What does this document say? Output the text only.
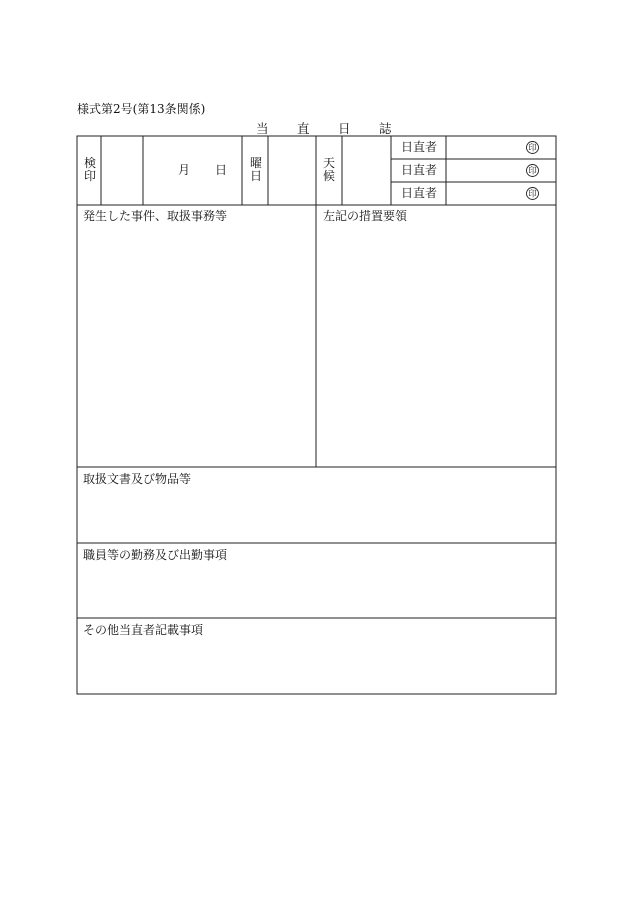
様式第2号(第13条関係)
当 直 日 誌
検印	月 日 曜日
天候
日直者
日直者
日直者
印
印
印
発生した事件、取扱事務等	左記の措置要領
取扱文書及び物品等
職員等の勤務及び出勤事項
その他当直者記載事項
